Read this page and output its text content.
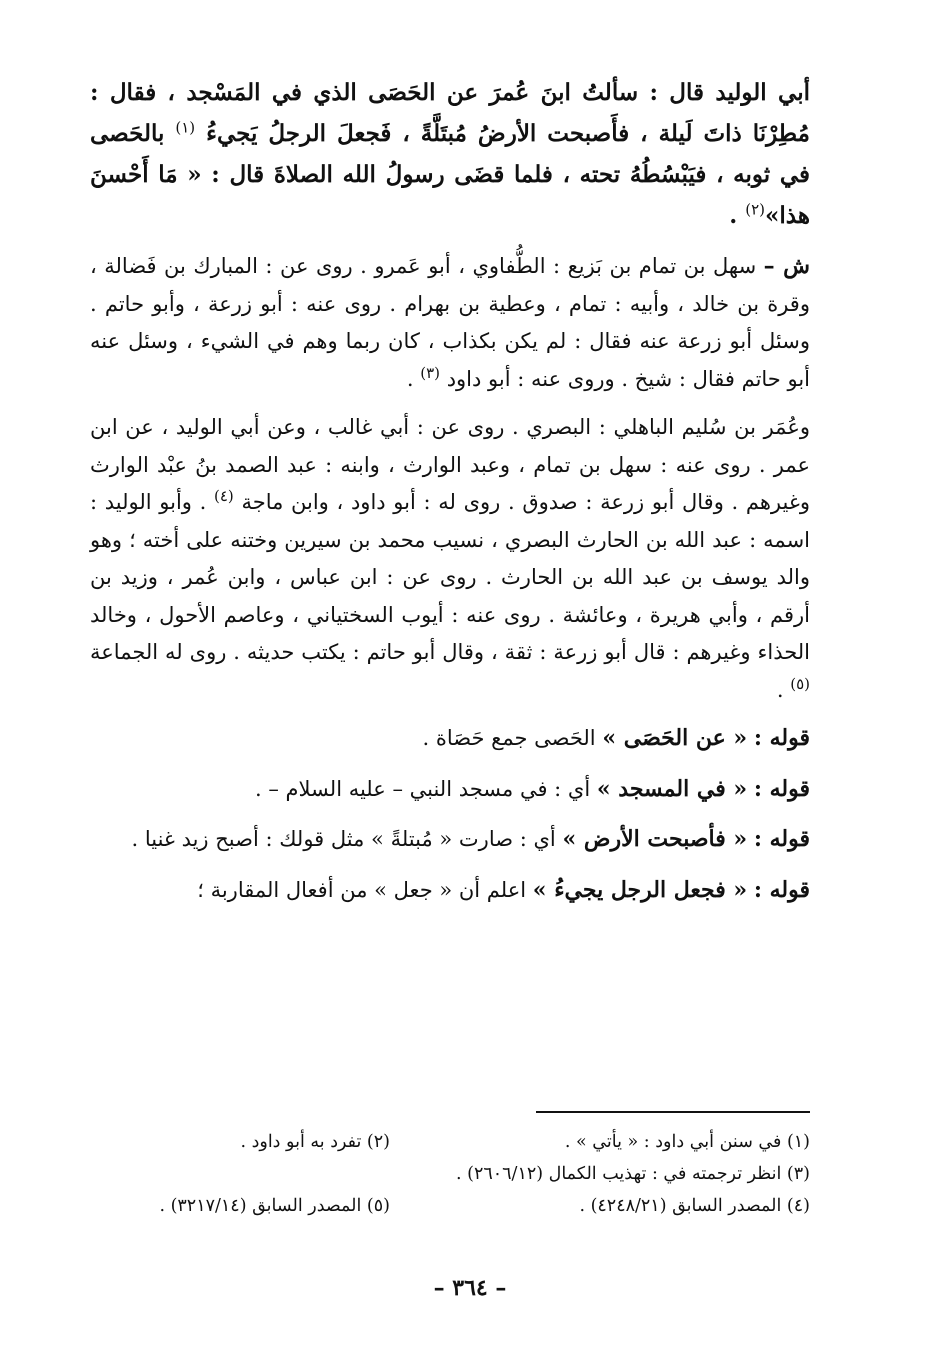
أبي الوليد قال : سألتُ ابنَ عُمرَ عن الحَصَى الذي في المَسْجد ، فقال : مُطِرْنَا ذاتَ لَيلة ، فأَصبحت الأرضُ مُبتَلَّةً ، فَجعلَ الرجلُ يَجيءُ $^{(١)}$ بالحَصى في ثوبه ، فيَبْسُطُهُ تحته ، فلما قضَى رسولُ الله الصلاةَ قال : « مَا أَحْسنَ هذا»$^{(٢)}$ .

ش – سهل بن تمام بن بَزيع : الطُّفاوي ، أبو عَمرو . روى عن : المبارك بن فَضالة ، وقرة بن خالد ، وأبيه : تمام ، وعطية بن بهرام . روى عنه : أبو زرعة ، وأبو حاتم . وسئل أبو زرعة عنه فقال : لم يكن بكذاب ، كان ربما وهم في الشيء ، وسئل عنه أبو حاتم فقال : شيخ . وروى عنه : أبو داود $^{(٣)}$ .

وعُمَر بن سُليم الباهلي : البصري . روى عن : أبي غالب ، وعن أبي الوليد ، عن ابن عمر . روى عنه : سهل بن تمام ، وعبد الوارث ، وابنه : عبد الصمد بنُ عبْد الوارث وغيرهم . وقال أبو زرعة : صدوق . روى له : أبو داود ، وابن ماجة $^{(٤)}$ . وأبو الوليد : اسمه : عبد الله بن الحارث البصري ، نسيب محمد بن سيرين وختنه على أخته ؛ وهو والد يوسف بن عبد الله بن الحارث . روى عن : ابن عباس ، وابن عُمر ، وزيد بن أرقم ، وأبي هريرة ، وعائشة . روى عنه : أيوب السختياني ، وعاصم الأحول ، وخالد الحذاء وغيرهم : قال أبو زرعة : ثقة ، وقال أبو حاتم : يكتب حديثه . روى له الجماعة $^{(٥)}$ .

قوله : « عن الحَصَى » الحَصى جمع حَصَاة .

قوله : « في المسجد » أي : في مسجد النبي – عليه السلام – .

قوله : « فأصبحت الأرض » أي : صارت « مُبتلةً » مثل قولك : أصبح زيد غنيا .

قوله : « فجعل الرجل يجيءُ » اعلم أن « جعل » من أفعال المقاربة ؛

(١) في سنن أبي داود : « يأتي » .
(٢) تفرد به أبو داود .
(٣) انظر ترجمته في : تهذيب الكمال (٢٦٠٦/١٢) .
(٤) المصدر السابق (٤٢٤٨/٢١) .
(٥) المصدر السابق (٣٢١٧/١٤) .
– ٣٦٤ –
